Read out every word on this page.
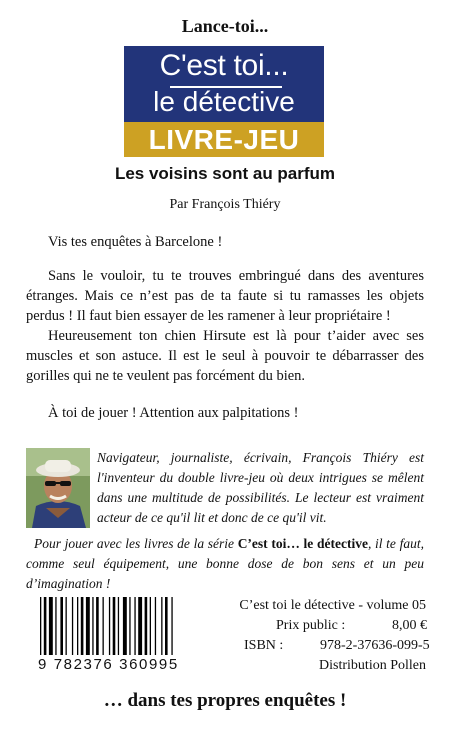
Lance-toi...
C'est toi...
le détective
LIVRE-JEU
Les voisins sont au parfum
Par François Thiéry
Vis tes enquêtes à Barcelone !
Sans le vouloir, tu te trouves embringué dans des aventures étranges. Mais ce n’est pas de ta faute si tu ramasses les objets perdus ! Il faut bien essayer de les ramener à leur propriétaire !
Heureusement ton chien Hirsute est là pour t’aider avec ses muscles et son astuce. Il est le seul à pouvoir te débarrasser des gorilles qui ne te veulent pas forcément du bien.
À toi de jouer ! Attention aux palpitations !
Navigateur, journaliste, écrivain, François Thiéry est l'inventeur du double livre-jeu où deux intrigues se mêlent dans une multitude de possibilités. Le lecteur est vraiment acteur de ce qu'il lit et donc de ce qu'il vit.
Pour jouer avec les livres de la série C’est toi… le détective, il te faut, comme seul équipement, une bonne dose de bon sens et un peu d’imagination !
9 782376 360995
C’est toi le détective - volume 05
Prix public :	8,00 €
ISBN :	978-2-37636-099-5
Distribution Pollen
… dans tes propres enquêtes !
